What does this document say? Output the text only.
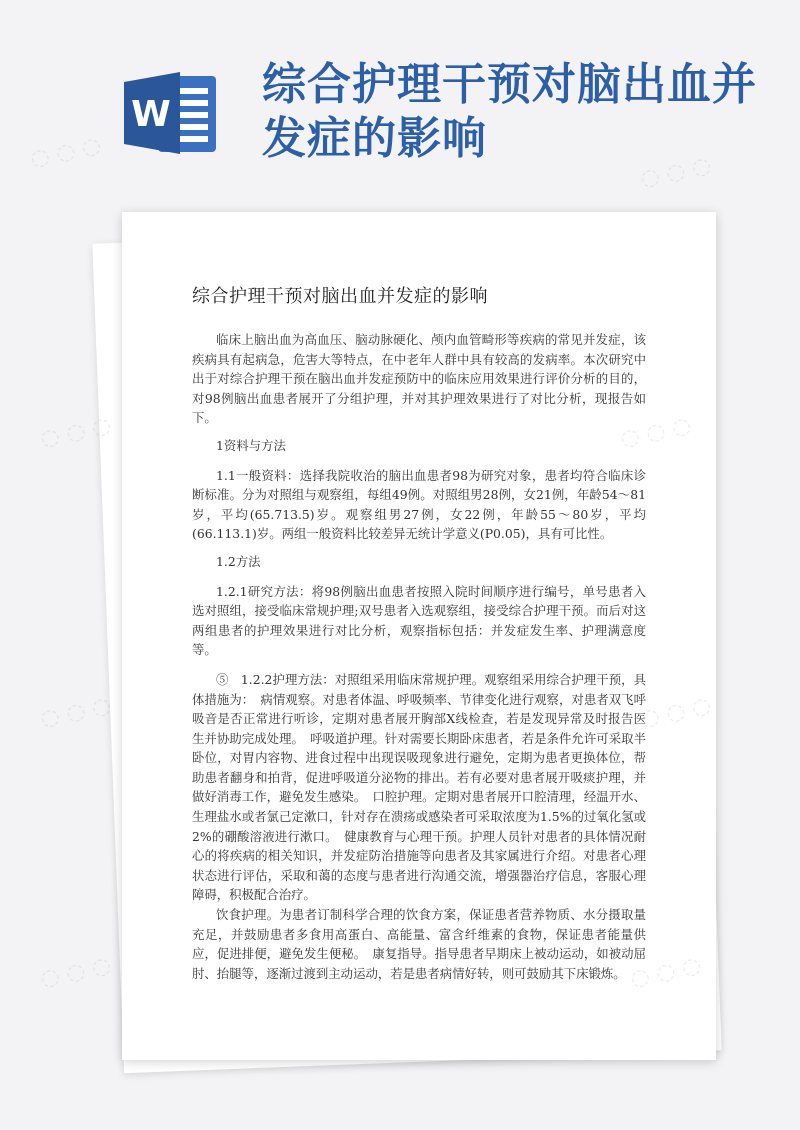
W
综合护理干预对脑出血并发症的影响
综合护理干预对脑出血并发症的影响

临床上脑出血为高血压、脑动脉硬化、颅内血管畸形等疾病的常见并发症，该疾病具有起病急，危害大等特点，在中老年人群中具有较高的发病率。本次研究中出于对综合护理干预在脑出血并发症预防中的临床应用效果进行评价分析的目的，对98例脑出血患者展开了分组护理，并对其护理效果进行了对比分析，现报告如下。

1资料与方法

1.1一般资料：选择我院收治的脑出血患者98为研究对象，患者均符合临床诊断标准。分为对照组与观察组，每组49例。对照组男28例，女21例，年龄54～81岁，平均(65.713.5)岁。观察组男27例，女22例，年龄55～80岁，平均(66.113.1)岁。两组一般资料比较差异无统计学意义(P0.05)，具有可比性。

1.2方法

1.2.1研究方法：将98例脑出血患者按照入院时间顺序进行编号，单号患者入选对照组，接受临床常规护理;双号患者入选观察组，接受综合护理干预。而后对这两组患者的护理效果进行对比分析，观察指标包括：并发症发生率、护理满意度等。

⑤　1.2.2护理方法：对照组采用临床常规护理。观察组采用综合护理干预，具体措施为：　病情观察。对患者体温、呼吸频率、节律变化进行观察，对患者双飞呼吸音是否正常进行听诊，定期对患者展开胸部X线检查，若是发现异常及时报告医生并协助完成处理。　呼吸道护理。针对需要长期卧床患者，若是条件允许可采取半卧位，对胃内容物、进食过程中出现误吸现象进行避免，定期为患者更换体位，帮助患者翻身和拍背，促进呼吸道分泌物的排出。若有必要对患者展开吸痰护理，并做好消毒工作，避免发生感染。　口腔护理。定期对患者展开口腔清理，经温开水、生理盐水或者氯己定漱口，针对存在溃疡或感染者可采取浓度为1.5%的过氧化氢或2%的硼酸溶液进行漱口。　健康教育与心理干预。护理人员针对患者的具体情况耐心的将疾病的相关知识，并发症防治措施等向患者及其家属进行介绍。对患者心理状态进行评估，采取和蔼的态度与患者进行沟通交流，增强器治疗信息，客服心理障碍，积极配合治疗。

饮食护理。为患者订制科学合理的饮食方案，保证患者营养物质、水分摄取量充足，并鼓励患者多食用高蛋白、高能量、富含纤维素的食物，保证患者能量供应，促进排便，避免发生便秘。　康复指导。指导患者早期床上被动运动，如被动屈肘、抬腿等，逐渐过渡到主动运动，若是患者病情好转，则可鼓励其下床锻炼。

◌ ◌ ◌
◌ ◌ ◌
◌ ◌ ◌	◌ ◌ ◌
◌ ◌ ◌	◌ ◌ ◌
◌ ◌ ◌	◌ ◌ ◌
